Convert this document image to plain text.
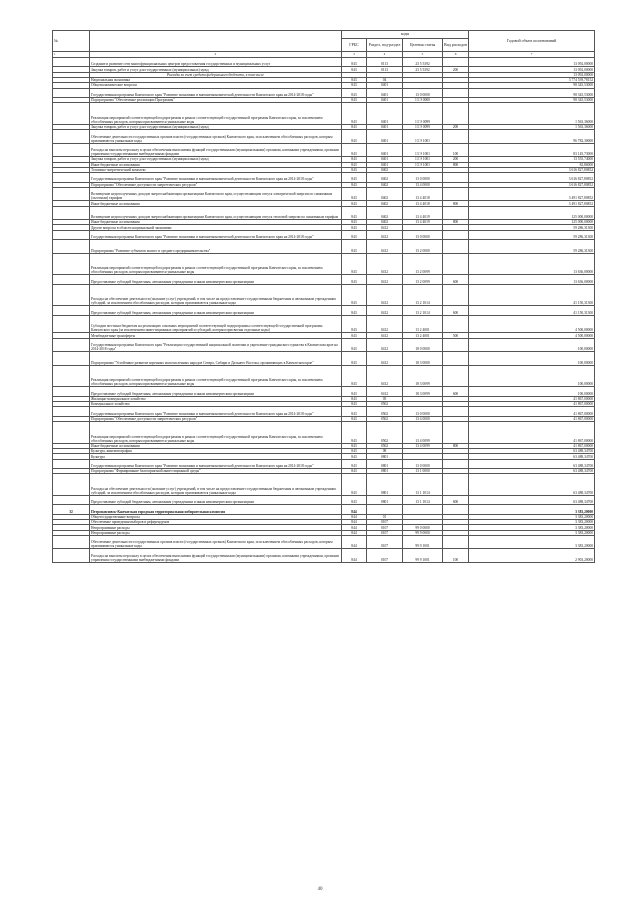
№		коды				Годовой объем ассигнований
		ГРБС	Раздел, под-раздел	Целевая статья	Вид расходов	
1	2	3	4	5	6	7
	Создание и развитие сети многофункциональных центров предоставления государственных и муниципальных услуг	843	0113	23 5 5392		13 092,00000
	Закупка товаров, работ и услуг для государственных (муниципальных) нужд	843	0113	23 5 5392	200	13 092,00000
	Расходы за счет средств федерального бюджета, в том числе					13 092,00000
	Национальная экономика	843	04			3 774 539,78152
	Общеэкономические вопросы	843	0401			98 345,53000
	Государственная программа Камчатского края "Развитие экономики и внешнеэкономической деятельности Камчатского края на 2014-2018 годы"	843	0401	13 0 0000		98 345,53000
	Подпрограмма "Обеспечение реализации Программы"	843	0401	13 Э 0000		98 345,53000
	Реализация мероприятий соответствующей подпрограммы в рамках соответствующей государственной программы Камчатского края, за исключением обособленных расходов, которым присваиваются уникальные коды	843	0401	13 Э 0099		1 563,36000
	Закупка товаров, работ и услуг для государственных (муниципальных) нужд	843	0401	13 Э 0099	200	1 563,36000
	Обеспечение деятельности государственных органов власти (государственных органов) Камчатского края, за исключением обособленных расходов, которым присваиваются уникальные коды	843	0401	13 Э 1001		96 782,30000
	Расходы на выплаты персоналу в целях обеспечения выполнения функций государственными (муниципальными) органами, казенными учреждениями, органами управления государственными внебюджетными фондами	843	0401	13 Э 1001	100	83 145,73000
	Закупка товаров, работ и услуг для государственных (муниципальных) нужд	843	0401	13 Э 1001	200	13 555,74000
	Иные бюджетные ассигнования	843	0401	13 Э 1001	800	82,86000
	Топливно-энергетический комплекс	843	0402			3 616 827,80852
	Государственная программа Камчатского края "Развитие экономики и внешнеэкономической деятельности Камчатского края на 2014-2018 годы"	843	0402	13 0 0000		3 616 827,80852
	Подпрограмма "Обеспечение доступности энергетических ресурсов"	843	0402	13 4 0000		3 616 827,80852
	Возмещение недополученных доходов энергоснабжающим организациям Камчатского края, осуществляющим отпуск электрической энергии по сниженным (льготным) тарифам	843	0402	13 4 4018		3 491 827,80852
	Иные бюджетные ассигнования	843	0402	13 4 4018	800	3 491 827,80852
	Возмещение недополученных доходов энергоснабжающим организациям Камчатского края, осуществляющим отпуск тепловой энергии по сниженным тарифам	843	0402	13 4 4019		125 000,00000
	Иные бюджетные ассигнования	843	0402	13 4 4019	800	125 000,00000
	Другие вопросы в области национальной экономики	843	0412			59 286,31300
	Государственная программа Камчатского края "Развитие экономики и внешнеэкономической деятельности Камчатского края на 2014-2018 годы"	843	0412	13 0 0000		59 286,31300
	Подпрограмма "Развитие субъектов малого и среднего предпринимательства"	843	0412	13 2 0000		59 286,31300
	Реализация мероприятий соответствующей подпрограммы в рамках соответствующей государственной программы Камчатского края, за исключением обособленных расходов, которым присваиваются уникальные коды	843	0412	13 2 0099		13 636,00000
	Предоставление субсидий бюджетным, автономным учреждениям и иным некоммерческим организациям	843	0412	13 2 0099	600	13 636,00000
	Расходы на обеспечение деятельности (оказание услуг) учреждений, в том числе на предоставление государственным бюджетным и автономным учреждениям субсидий, за исключением обособленных расходов, которым присваиваются уникальные коды	843	0412	13 2 1014		41 150,31300
	Предоставление субсидий бюджетным, автономным учреждениям и иным некоммерческим организациям	843	0412	13 2 1014	600	41 150,31300
	Субсидии местным бюджетам на реализацию основных мероприятий соответствующей подпрограммы соответствующей государственной программы Камчатского края (за исключением инвестиционных мероприятий и субсидий, которым присвоены отдельные коды)	843	0412	13 2 4001		4 500,00000
	Межбюджетные трансферты	843	0412	13 2 4001	500	4 500,00000
	Государственная программа Камчатского края "Реализация государственной национальной политики и укрепление гражданского единства в Камчатском крае на 2014-2018 годы"	843	0412	18 0 0000		100,00000
	Подпрограмма "Устойчивое развитие коренных малочисленных народов Севера, Сибири и Дальнего Востока, проживающих в Камчатском крае"	843	0412	18 3 0000		100,00000
	Реализация мероприятий соответствующей подпрограммы в рамках соответствующей государственной программы Камчатского края, за исключением обособленных расходов, которым присваиваются уникальные коды	843	0412	18 3 0099		100,00000
	Предоставление субсидий бюджетным, автономным учреждениям и иным некоммерческим организациям	843	0412	18 3 0099	600	100,00000
	Жилищно-коммунальное хозяйство	843	05			41 867,00000
	Коммунальное хозяйство	843	0502			41 867,00000
	Государственная программа Камчатского края "Развитие экономики и внешнеэкономической деятельности Камчатского края на 2014-2018 годы"	843	0502	13 0 0000		41 867,00000
	Подпрограмма "Обеспечение доступности энергетических ресурсов"	843	0502	13 4 0000		41 867,00000
	Реализация мероприятий соответствующей подпрограммы в рамках соответствующей государственной программы Камчатского края, за исключением обособленных расходов, которым присваиваются уникальные коды	843	0502	13 4 0099		41 867,00000
	Иные бюджетные ассигнования	843	0502	13 4 0099	800	41 867,00000
	Культура, кинематография	843	08			63 488,34700
	Культура	843	0801			63 488,34700
	Государственная программа Камчатского края "Развитие экономики и внешнеэкономической деятельности Камчатского края на 2014-2018 годы"	843	0801	13 0 0000		63 488,34700
	Подпрограмма "Формирование благоприятной инвестиционной среды"	843	0801	13 1 0000		63 488,34700
	Расходы на обеспечение деятельности (оказание услуг) учреждений, в том числе на предоставление государственным бюджетным и автономным учреждениям субсидий, за исключением обособленных расходов, которым присваиваются уникальные коды	843	0801	13 1 1014		63 488,34700
	Предоставление субсидий бюджетным, автономным учреждениям и иным некоммерческим организациям	843	0801	13 1 1014	600	63 488,34700
32	Петропавловск-Камчатская городская территориальная избирательная комиссия	844				3 383,20000
	Общегосударственные вопросы	844	01			3 383,20000
	Обеспечение проведения выборов и референдумов	844	0107			3 383,20000
	Непрограммные расходы	844	0107	99 0 0000		3 383,20000
	Непрограммные расходы	844	0107	99 9 0000		3 383,20000
	Обеспечение деятельности государственных органов власти (государственных органов) Камчатского края, за исключением обособленных расходов, которым присваиваются уникальные коды	844	0107	99 9 1001		3 383,20000
	Расходы на выплаты персоналу в целях обеспечения выполнения функций государственными (муниципальными) органами, казенными учреждениями, органами управления государственными внебюджетными фондами	844	0107	99 9 1001	100	2 903,20000
40
